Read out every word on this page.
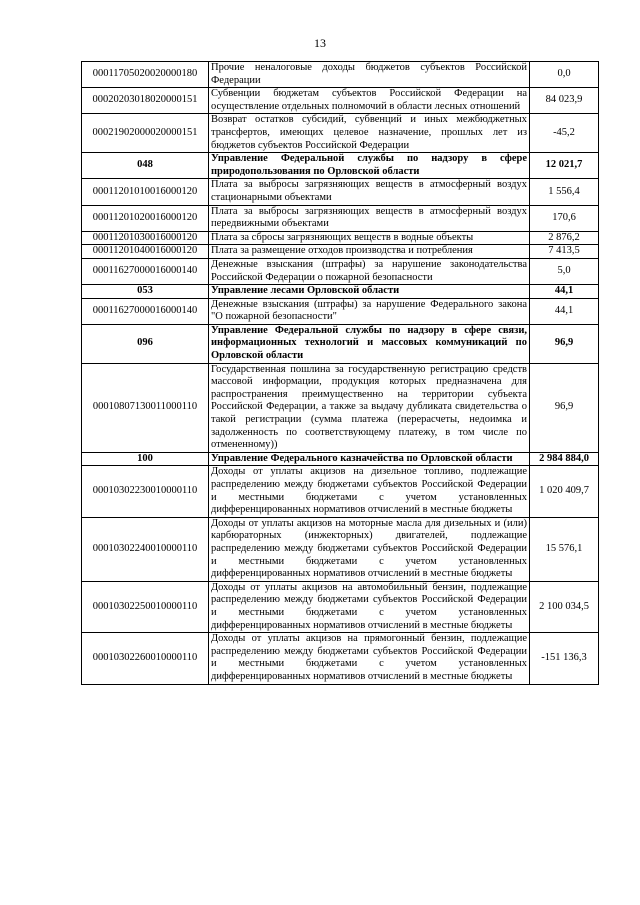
13
00011705020020000180	Прочие неналоговые доходы бюджетов субъектов Российской Федерации	0,0
00020203018020000151	Субвенции бюджетам субъектов Российской Федерации на осуществление отдельных полномочий в области лесных отношений	84 023,9
00021902000020000151	Возврат остатков субсидий, субвенций и иных межбюджетных трансфертов, имеющих целевое назначение, прошлых лет из бюджетов субъектов Российской Федерации	-45,2
048	Управление Федеральной службы по надзору в сфере природопользования по Орловской области	12 021,7
00011201010016000120	Плата за выбросы загрязняющих веществ в атмосферный воздух стационарными объектами	1 556,4
00011201020016000120	Плата за выбросы загрязняющих веществ в атмосферный воздух передвижными объектами	170,6
00011201030016000120	Плата за сбросы загрязняющих веществ в водные объекты	2 876,2
00011201040016000120	Плата за размещение отходов производства и потребления	7 413,5
00011627000016000140	Денежные взыскания (штрафы) за нарушение законодательства Российской Федерации о пожарной безопасности	5,0
053	Управление лесами Орловской области	44,1
00011627000016000140	Денежные взыскания (штрафы) за нарушение Федерального закона "О пожарной безопасности"	44,1
096	Управление Федеральной службы по надзору в сфере связи, информационных технологий и массовых коммуникаций по Орловской области	96,9
00010807130011000110	Государственная пошлина за государственную регистрацию средств массовой информации, продукция которых предназначена для распространения преимущественно на территории субъекта Российской Федерации, а также за выдачу дубликата свидетельства о такой регистрации (сумма платежа (перерасчеты, недоимка и задолженность по соответствующему платежу, в том числе по отмененному))	96,9
100	Управление Федерального казначейства по Орловской области	2 984 884,0
00010302230010000110	Доходы от уплаты акцизов на дизельное топливо, подлежащие распределению между бюджетами субъектов Российской Федерации и местными бюджетами с учетом установленных дифференцированных нормативов отчислений в местные бюджеты	1 020 409,7
00010302240010000110	Доходы от уплаты акцизов на моторные масла для дизельных и (или) карбюраторных (инжекторных) двигателей, подлежащие распределению между бюджетами субъектов Российской Федерации и местными бюджетами с учетом установленных дифференцированных нормативов отчислений в местные бюджеты	15 576,1
00010302250010000110	Доходы от уплаты акцизов на автомобильный бензин, подлежащие распределению между бюджетами субъектов Российской Федерации и местными бюджетами с учетом установленных дифференцированных нормативов отчислений в местные бюджеты	2 100 034,5
00010302260010000110	Доходы от уплаты акцизов на прямогонный бензин, подлежащие распределению между бюджетами субъектов Российской Федерации и местными бюджетами с учетом установленных дифференцированных нормативов отчислений в местные бюджеты	-151 136,3
